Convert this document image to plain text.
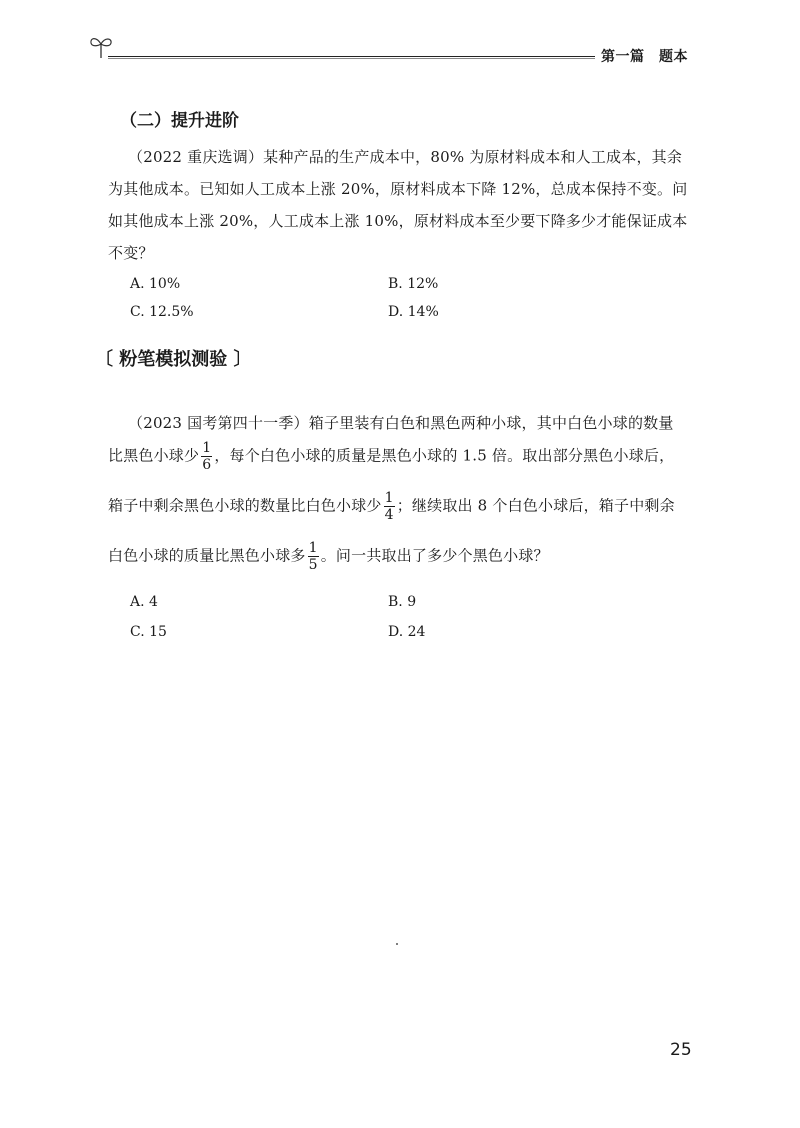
第一篇　题本
（二）提升进阶
（2022 重庆选调）某种产品的生产成本中，80% 为原材料成本和人工成本，其余
为其他成本。已知如人工成本上涨 20%，原材料成本下降 12%，总成本保持不变。问
如其他成本上涨 20%，人工成本上涨 10%，原材料成本至少要下降多少才能保证成本
不变？
A. 10%	B. 12%
C. 12.5%	D. 14%
〔 粉笔模拟测验 〕
（2023 国考第四十一季）箱子里装有白色和黑色两种小球，其中白色小球的数量
比黑色小球少 $\frac{1}{6}$ ，每个白色小球的质量是黑色小球的 1.5 倍。取出部分黑色小球后，
箱子中剩余黑色小球的数量比白色小球少 $\frac{1}{4}$ ；继续取出 8 个白色小球后，箱子中剩余
白色小球的质量比黑色小球多 $\frac{1}{5}$ 。问一共取出了多少个黑色小球？
A. 4	B. 9
C. 15	D. 24
25
